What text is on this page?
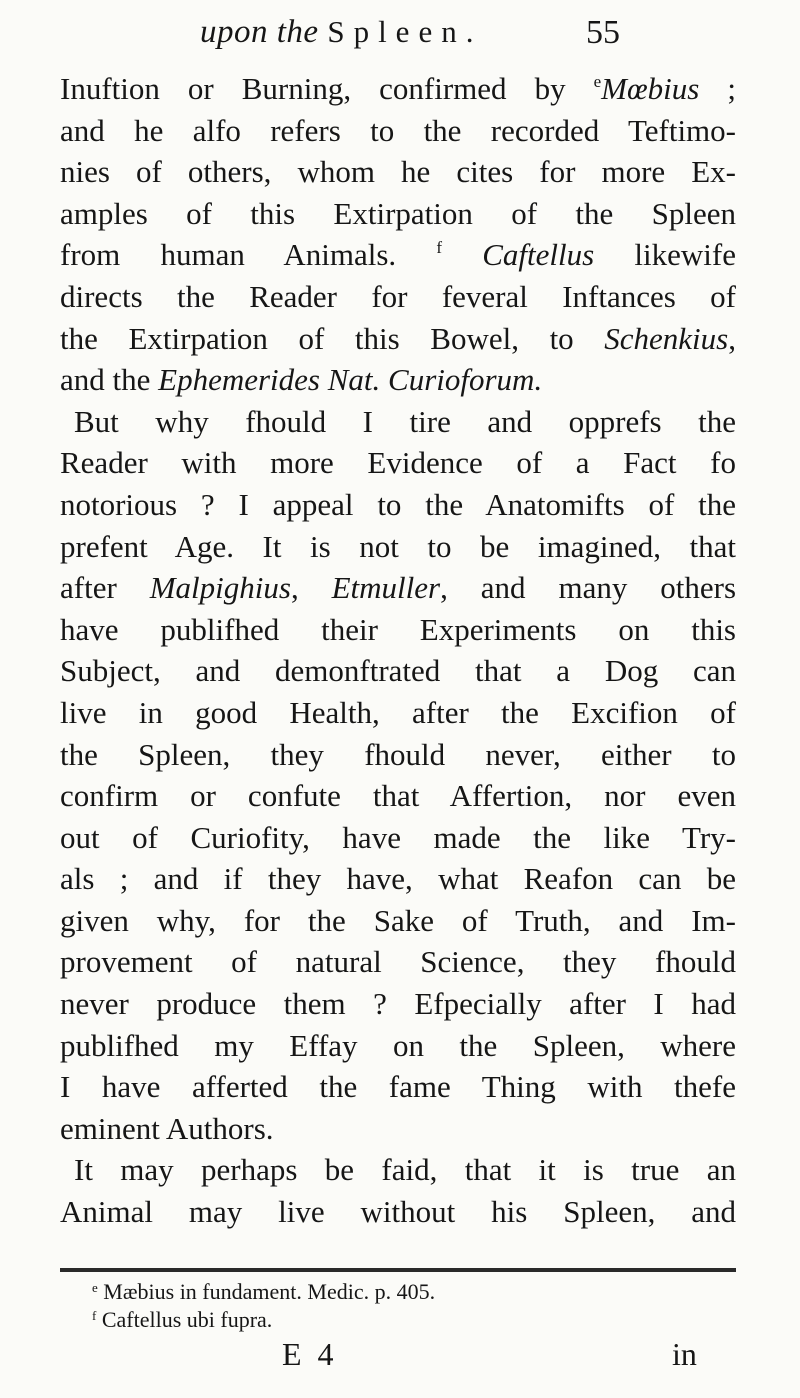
upon the Spleen.	55
Inuftion or Burning, confirmed by $^e$Mœbius ;
and he alfo refers to the recorded Teftimo-
nies of others, whom he cites for more Ex-
amples of this Extirpation of the Spleen
from human Animals. $^f$ Caftellus likewife
directs the Reader for feveral Inftances of
the Extirpation of this Bowel, to Schenkius,
and the Ephemerides Nat. Curioforum.
But why fhould I tire and opprefs the
Reader with more Evidence of a Fact fo
notorious ? I appeal to the Anatomifts of the
prefent Age. It is not to be imagined, that
after Malpighius, Etmuller, and many others
have publifhed their Experiments on this
Subject, and demonftrated that a Dog can
live in good Health, after the Excifion of
the Spleen, they fhould never, either to
confirm or confute that Affertion, nor even
out of Curiofity, have made the like Try-
als ; and if they have, what Reafon can be
given why, for the Sake of Truth, and Im-
provement of natural Science, they fhould
never produce them ? Efpecially after I had
publifhed my Effay on the Spleen, where
I have afferted the fame Thing with thefe
eminent Authors.
It may perhaps be faid, that it is true an
Animal may live without his Spleen, and
$^e$ Mæbius in fundament. Medic. p. 405.
$^f$ Caftellus ubi fupra.
E 4	in
